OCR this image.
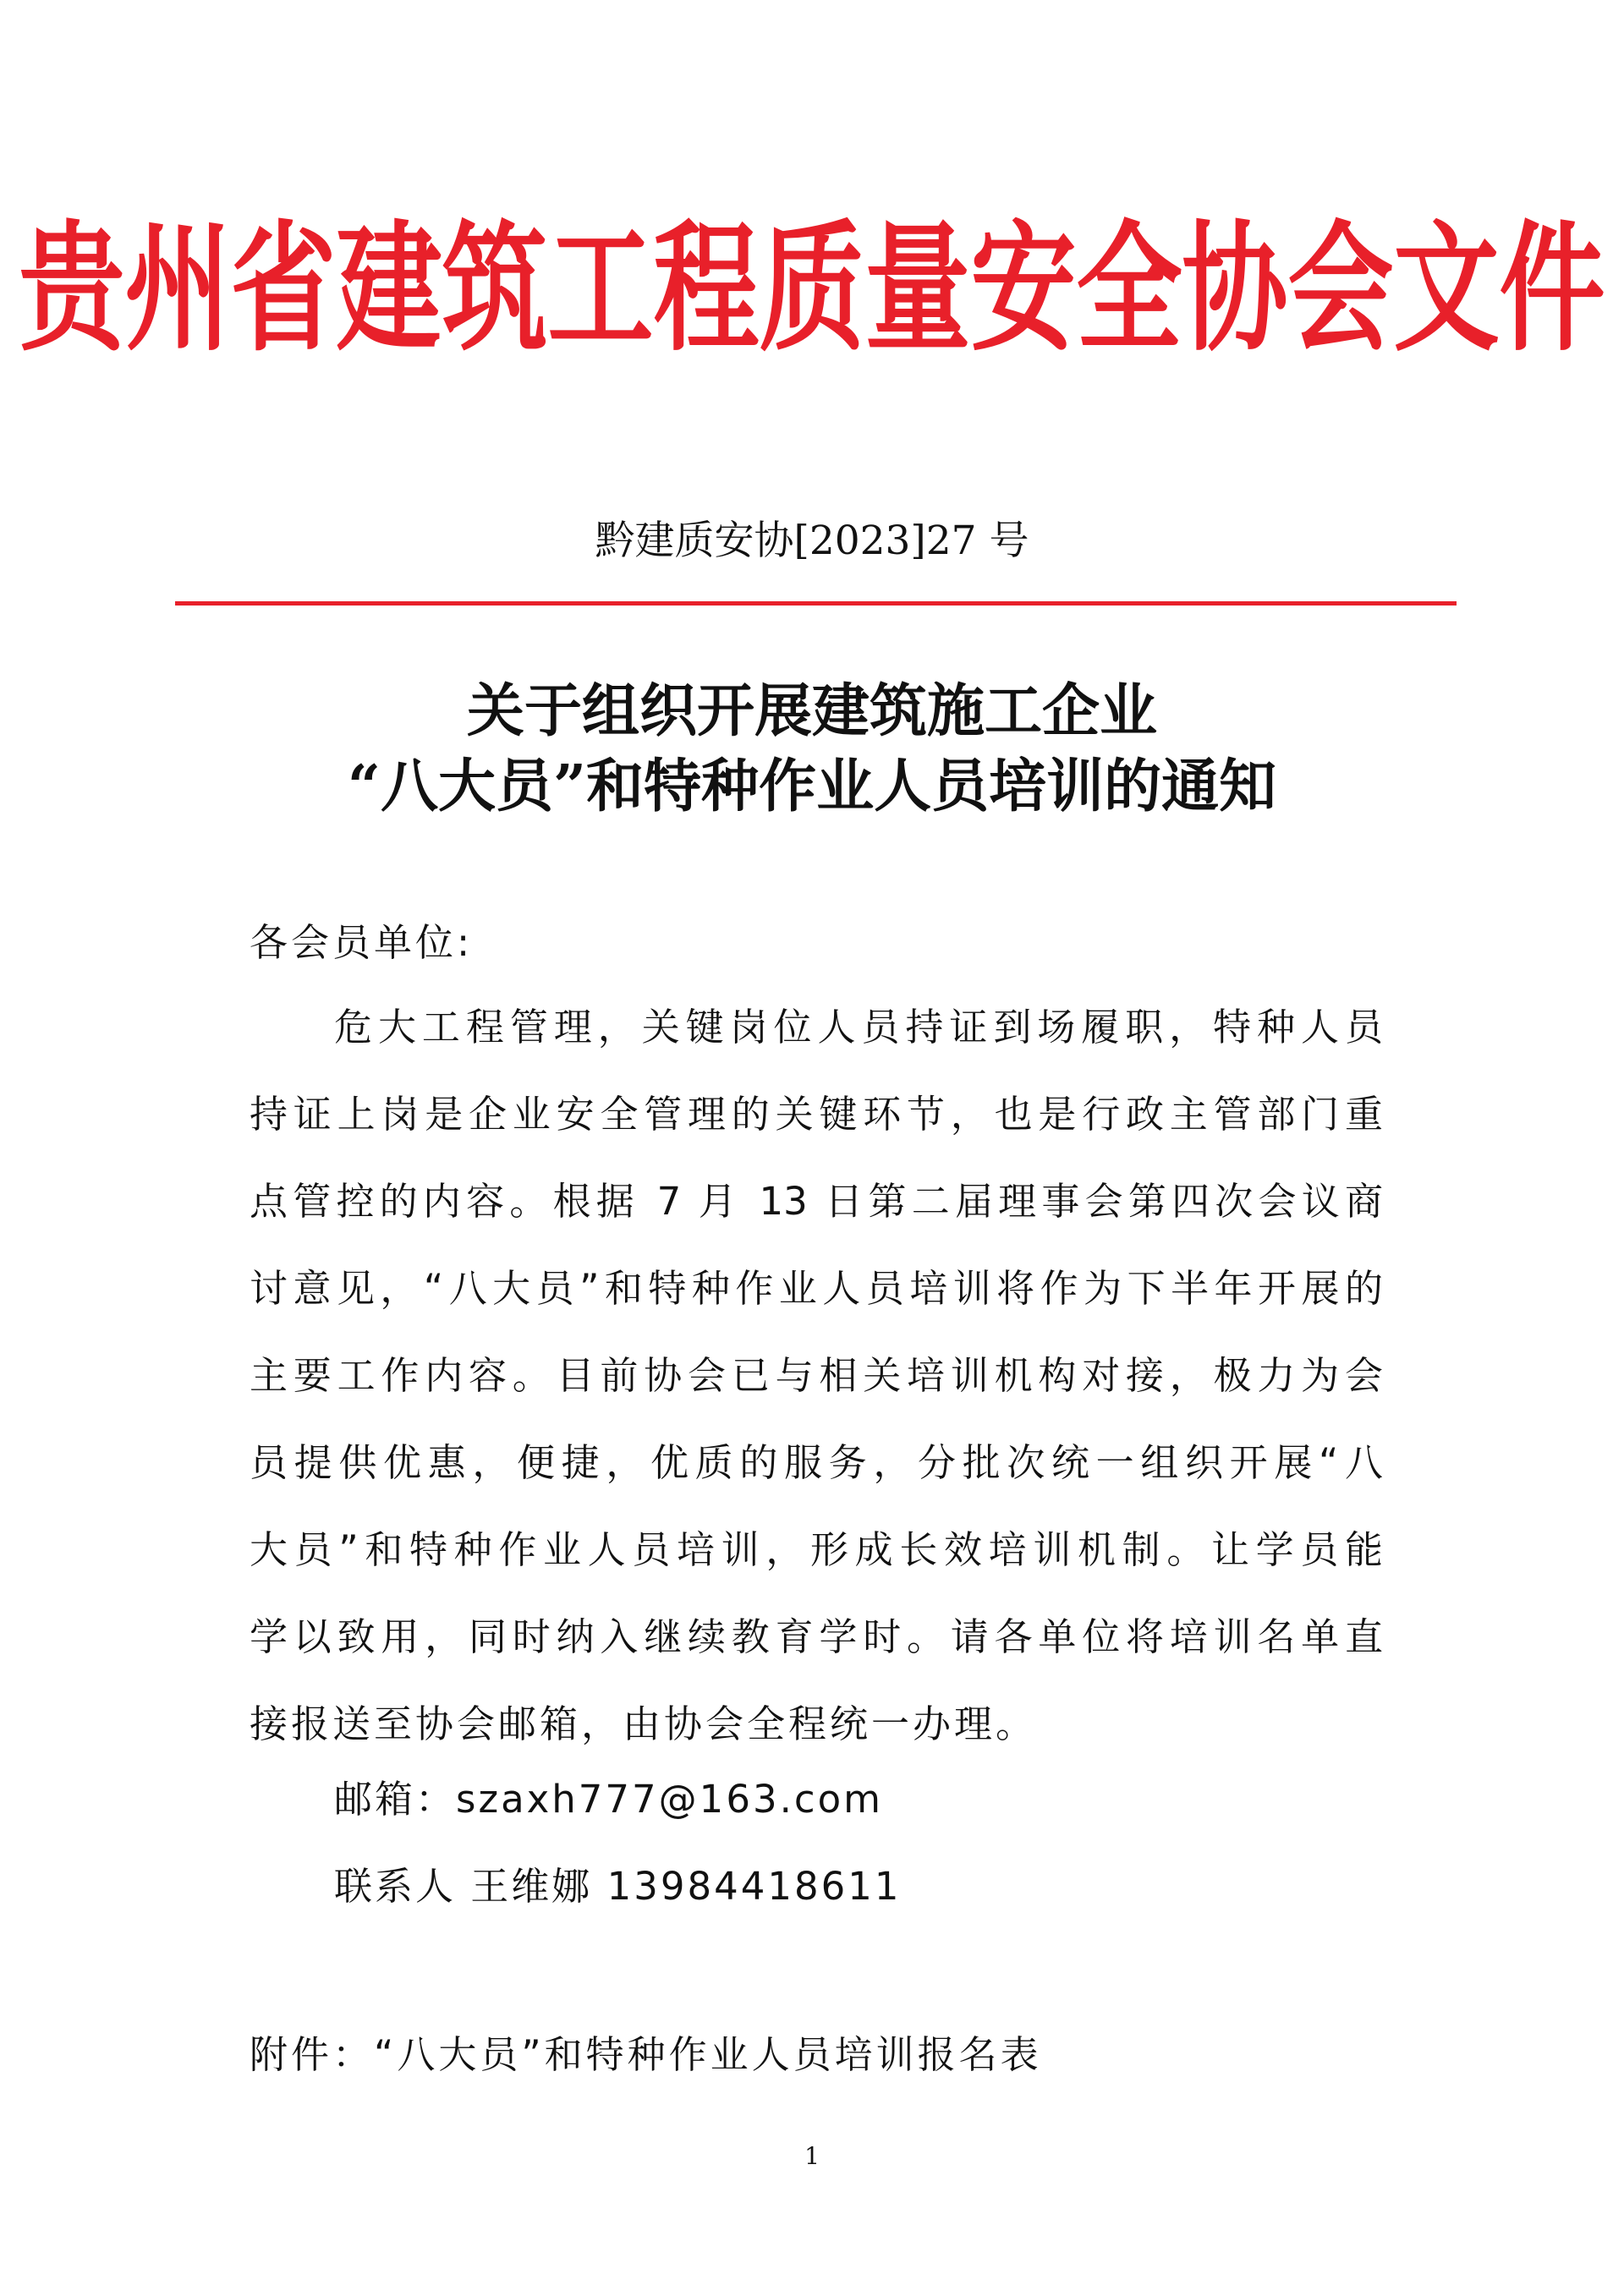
贵州省建筑工程质量安全协会文件
黔建质安协[2023]27 号
关于组织开展建筑施工企业
“八大员”和特种作业人员培训的通知
各会员单位:
危大工程管理，关键岗位人员持证到场履职，特种人员
持证上岗是企业安全管理的关键环节，也是行政主管部门重
点管控的内容。根据 7 月 13 日第二届理事会第四次会议商
讨意见，“八大员”和特种作业人员培训将作为下半年开展的
主要工作内容。目前协会已与相关培训机构对接，极力为会
员提供优惠，便捷，优质的服务，分批次统一组织开展“八
大员”和特种作业人员培训，形成长效培训机制。让学员能
学以致用，同时纳入继续教育学时。请各单位将培训名单直
接报送至协会邮箱，由协会全程统一办理。
邮箱：szaxh777@163.com
联系人 王维娜 13984418611
附件：“八大员”和特种作业人员培训报名表
1
